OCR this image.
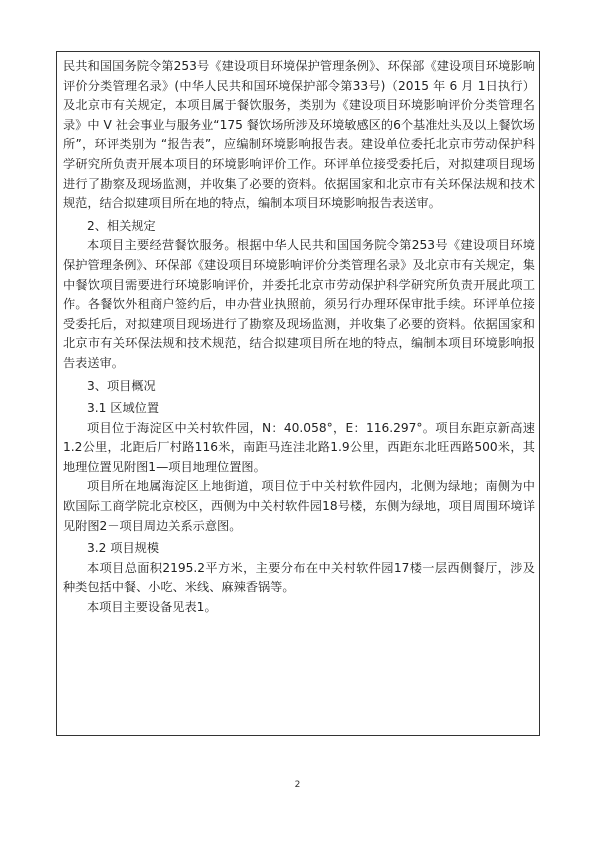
民共和国国务院令第253号《建设项目环境保护管理条例》、环保部《建设项目环境影响评价分类管理名录》(中华人民共和国环境保护部令第33号)（2015 年 6 月 1日执行）及北京市有关规定，本项目属于餐饮服务，类别为《建设项目环境影响评价分类管理名录》中 V 社会事业与服务业“175 餐饮场所涉及环境敏感区的6个基准灶头及以上餐饮场所”，环评类别为 “报告表”，应编制环境影响报告表。建设单位委托北京市劳动保护科学研究所负责开展本项目的环境影响评价工作。环评单位接受委托后，对拟建项目现场进行了勘察及现场监测，并收集了必要的资料。依据国家和北京市有关环保法规和技术规范，结合拟建项目所在地的特点，编制本项目环境影响报告表送审。

2、相关规定

本项目主要经营餐饮服务。根据中华人民共和国国务院令第253号《建设项目环境保护管理条例》、环保部《建设项目环境影响评价分类管理名录》及北京市有关规定，集中餐饮项目需要进行环境影响评价，并委托北京市劳动保护科学研究所负责开展此项工作。各餐饮外租商户签约后，申办营业执照前，须另行办理环保审批手续。环评单位接受委托后，对拟建项目现场进行了勘察及现场监测，并收集了必要的资料。依据国家和北京市有关环保法规和技术规范，结合拟建项目所在地的特点，编制本项目环境影响报告表送审。

3、项目概况

3.1 区域位置

项目位于海淀区中关村软件园，N：40.058°，E：116.297°。项目东距京新高速1.2公里，北距后厂村路116米，南距马连洼北路1.9公里，西距东北旺西路500米，其地理位置见附图1—项目地理位置图。

项目所在地属海淀区上地街道，项目位于中关村软件园内，北侧为绿地；南侧为中欧国际工商学院北京校区，西侧为中关村软件园18号楼，东侧为绿地，项目周围环境详见附图2－项目周边关系示意图。

3.2 项目规模

本项目总面积2195.2平方米，主要分布在中关村软件园17楼一层西侧餐厅，涉及种类包括中餐、小吃、米线、麻辣香锅等。

本项目主要设备见表1。

2
